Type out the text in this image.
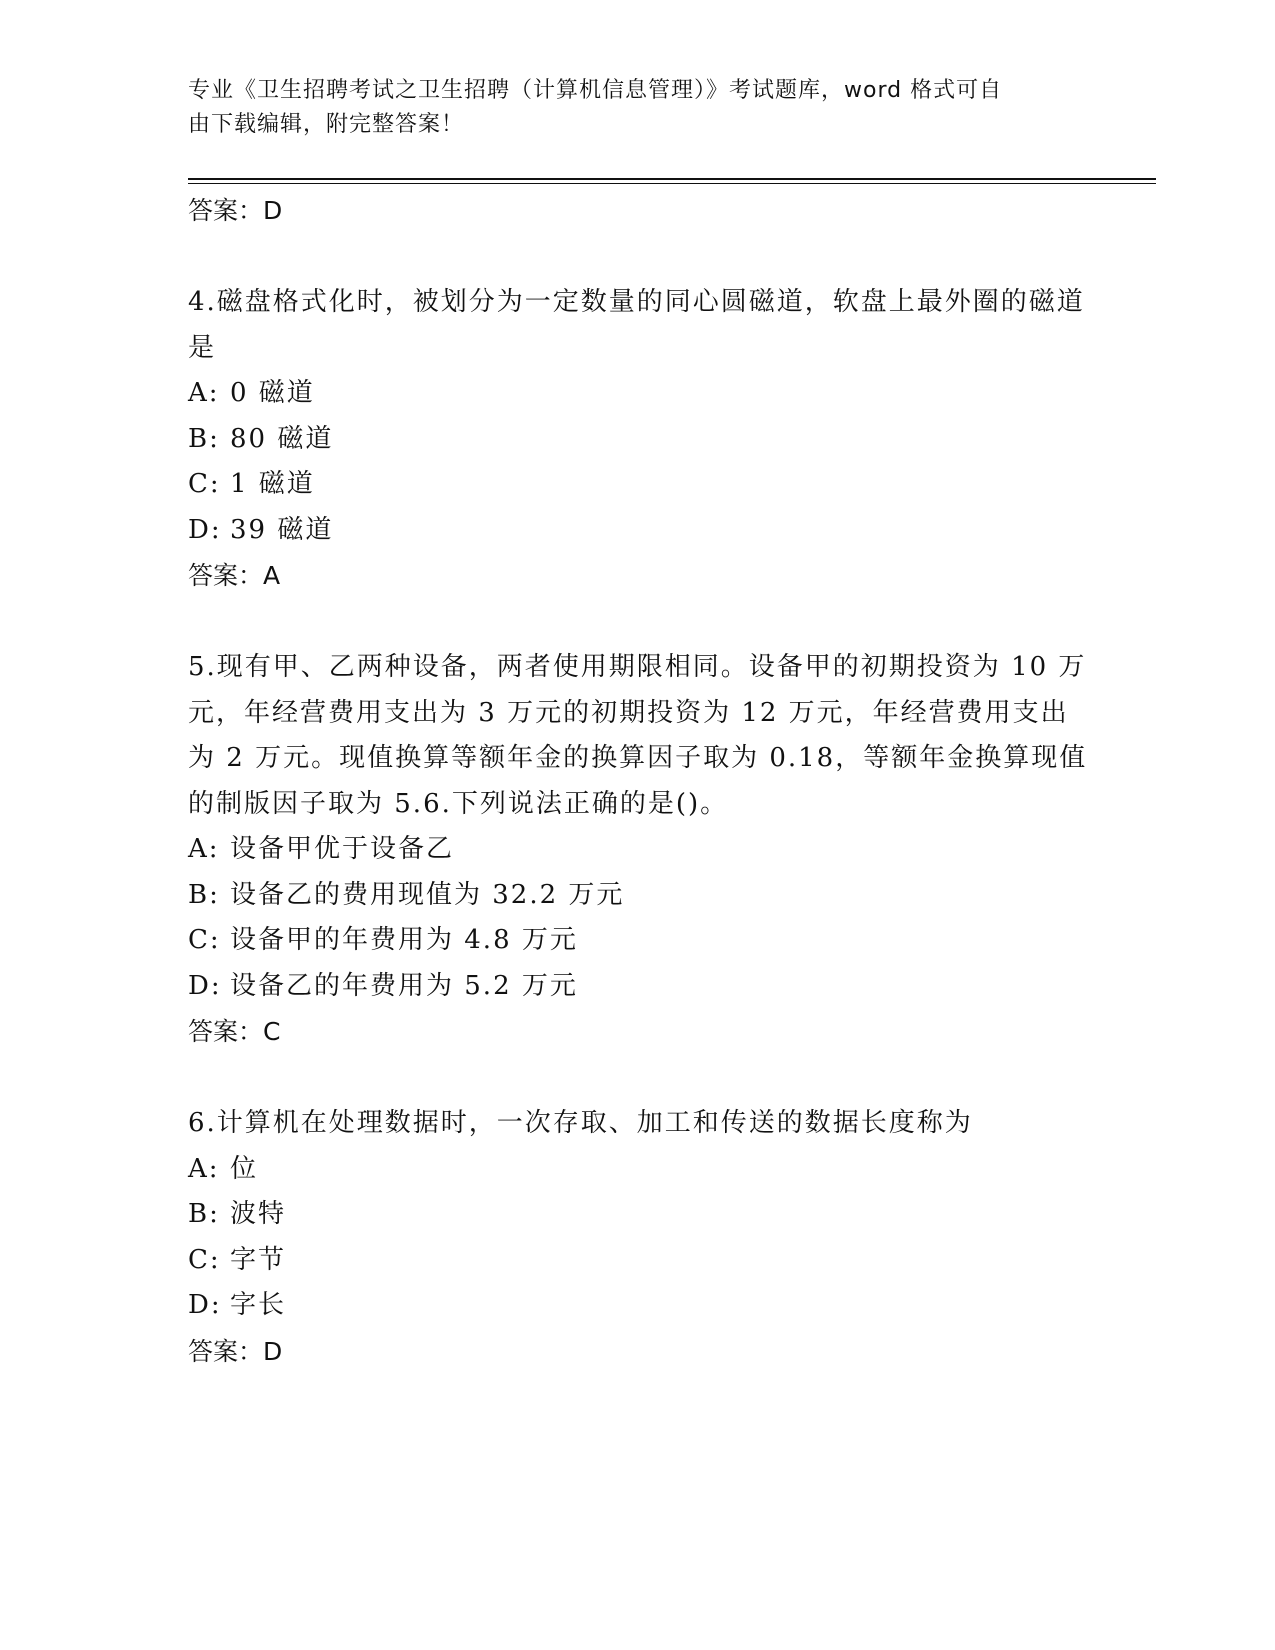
专业《卫生招聘考试之卫生招聘（计算机信息管理）》考试题库，word 格式可自
由下载编辑，附完整答案！
答案：D

4.磁盘格式化时，被划分为一定数量的同心圆磁道，软盘上最外圈的磁道是

A: 0 磁道
B: 80 磁道
C: 1 磁道
D: 39 磁道
答案：A

5.现有甲、乙两种设备，两者使用期限相同。设备甲的初期投资为 10 万元，年经营费用支出为 3 万元的初期投资为 12 万元，年经营费用支出为 2 万元。现值换算等额年金的换算因子取为 0.18，等额年金换算现值的制版因子取为 5.6.下列说法正确的是()。

A: 设备甲优于设备乙
B: 设备乙的费用现值为 32.2 万元
C: 设备甲的年费用为 4.8 万元
D: 设备乙的年费用为 5.2 万元
答案：C

6.计算机在处理数据时，一次存取、加工和传送的数据长度称为

A: 位
B: 波特
C: 字节
D: 字长
答案：D
